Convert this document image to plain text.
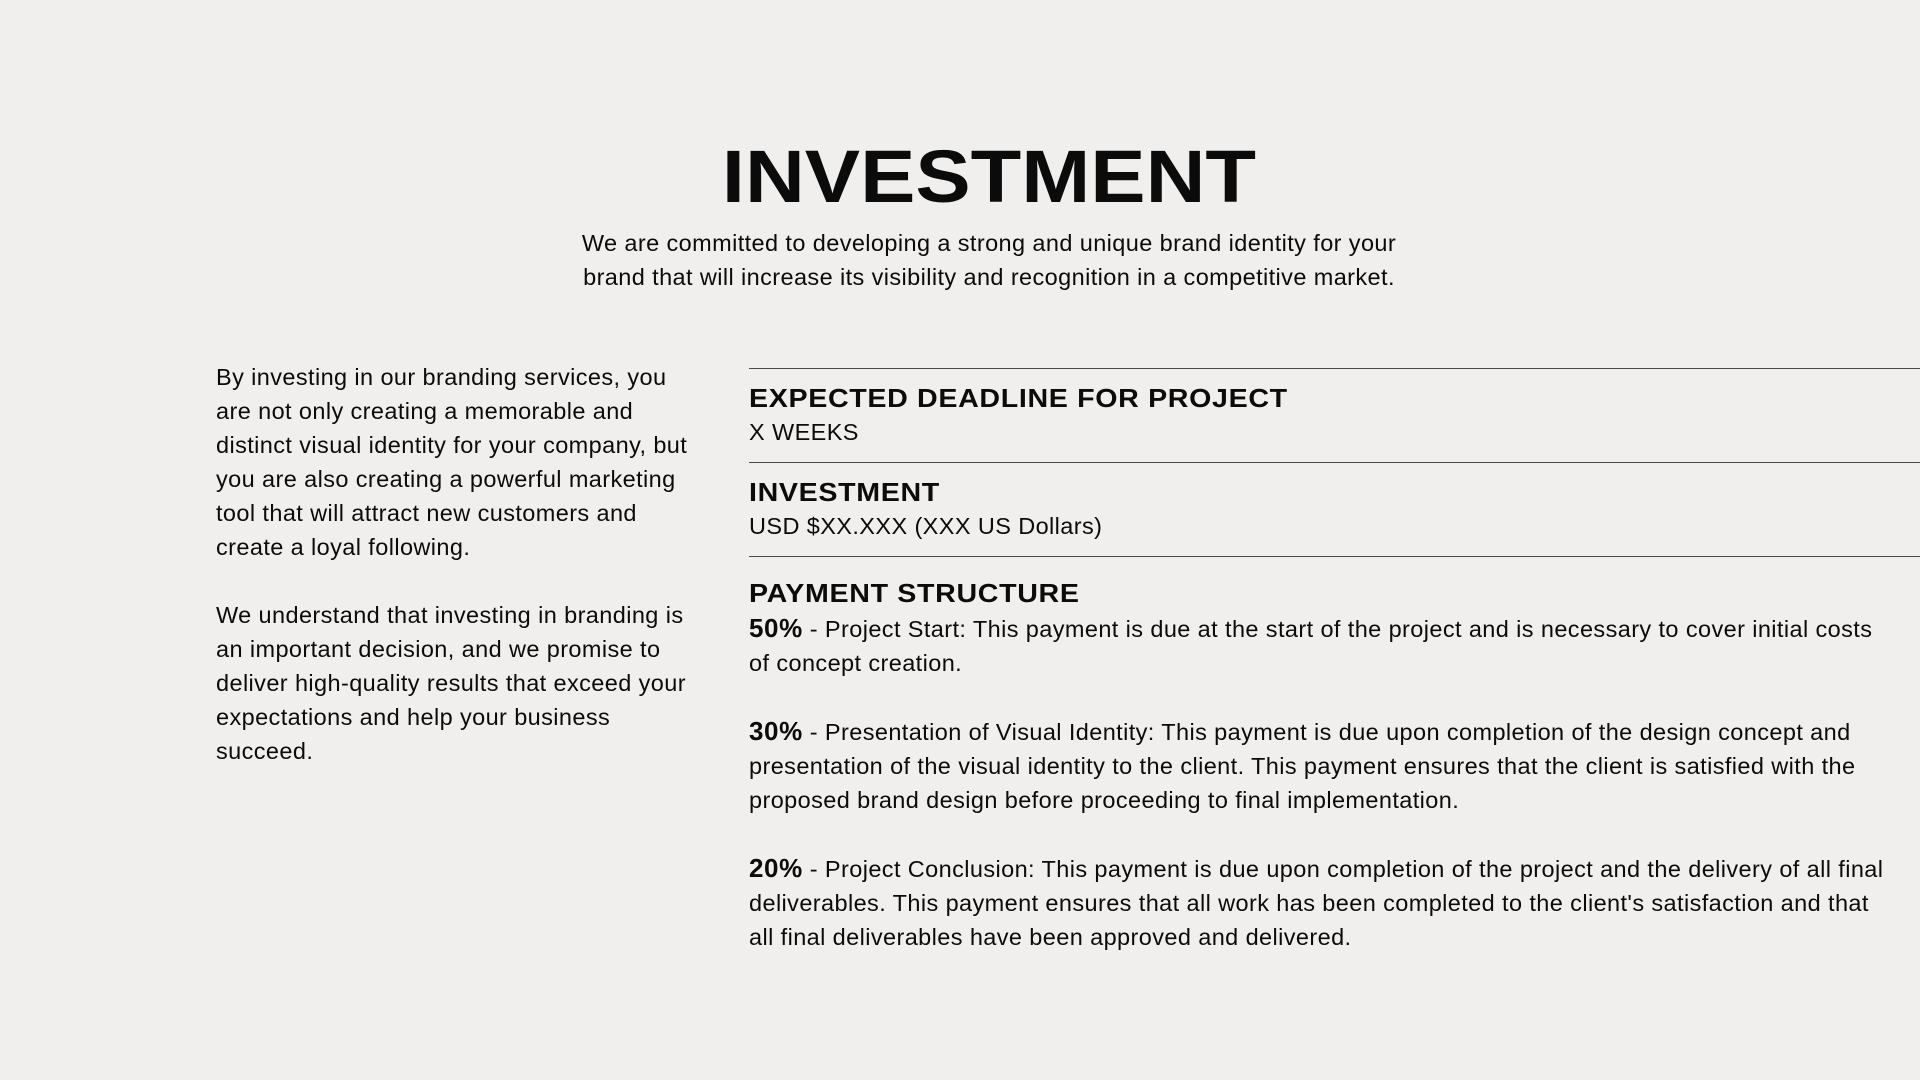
INVESTMENT

We are committed to developing a strong and unique brand identity for your
brand that will increase its visibility and recognition in a competitive market.

By investing in our branding services, you are not only creating a memorable and distinct visual identity for your company, but you are also creating a powerful marketing tool that will attract new customers and create a loyal following.

We understand that investing in branding is an important decision, and we promise to deliver high-quality results that exceed your expectations and help your business succeed.

EXPECTED DEADLINE FOR PROJECT

X WEEKS

INVESTMENT

USD $XX.XXX (XXX US Dollars)

PAYMENT STRUCTURE

50% - Project Start: This payment is due at the start of the project and is necessary to cover initial costs of concept creation.

30% - Presentation of Visual Identity: This payment is due upon completion of the design concept and presentation of the visual identity to the client. This payment ensures that the client is satisfied with the proposed brand design before proceeding to final implementation.

20% - Project Conclusion: This payment is due upon completion of the project and the delivery of all final deliverables. This payment ensures that all work has been completed to the client's satisfaction and that all final deliverables have been approved and delivered.
